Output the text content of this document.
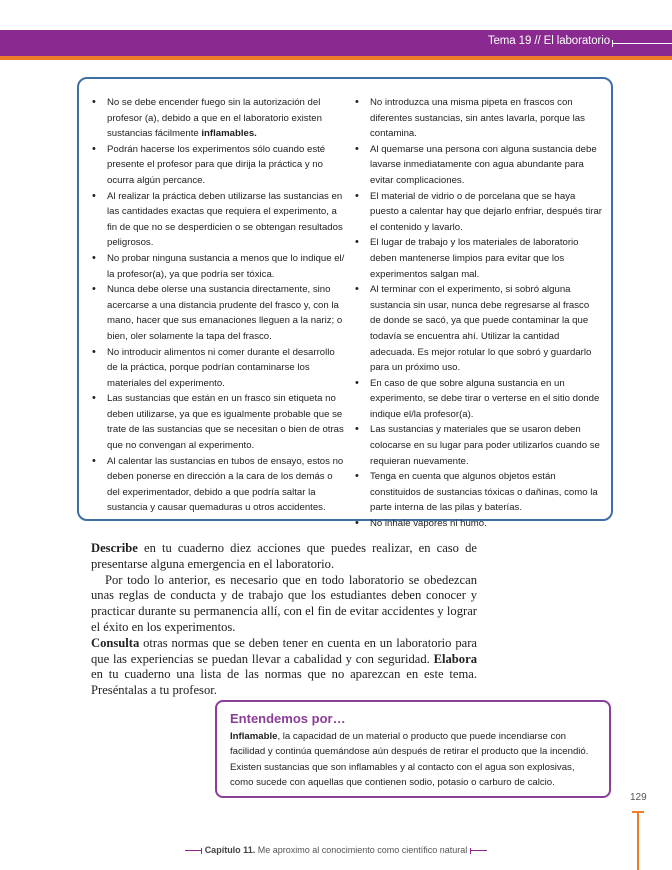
Tema 19 // El laboratorio
• No se debe encender fuego sin la autorización del profesor (a), debido a que en el laboratorio existen sustancias fácilmente inflamables.
• Podrán hacerse los experimentos sólo cuando esté presente el profesor para que dirija la práctica y no ocurra algún percance.
• Al realizar la práctica deben utilizarse las sustancias en las cantidades exactas que requiera el experimento, a fin de que no se desperdicien o se obtengan resultados peligrosos.
• No probar ninguna sustancia a menos que lo indique el/ la profesor(a), ya que podría ser tóxica.
• Nunca debe olerse una sustancia directamente, sino acercarse a una distancia prudente del frasco y, con la mano, hacer que sus emanaciones lleguen a la nariz; o bien, oler solamente la tapa del frasco.
• No introducir alimentos ni comer durante el desarrollo de la práctica, porque podrían contaminarse los materiales del experimento.
• Las sustancias que están en un frasco sin etiqueta no deben utilizarse, ya que es igualmente probable que se trate de las sustancias que se necesitan o bien de otras que no convengan al experimento.
• Al calentar las sustancias en tubos de ensayo, estos no deben ponerse en dirección a la cara de los demás o del experimentador, debido a que podría saltar la sustancia y causar quemaduras u otros accidentes.
• No introduzca una misma pipeta en frascos con diferentes sustancias, sin antes lavarla, porque las contamina.
• Al quemarse una persona con alguna sustancia debe lavarse inmediatamente con agua abundante para evitar complicaciones.
• El material de vidrio o de porcelana que se haya puesto a calentar hay que dejarlo enfriar, después tirar el contenido y lavarlo.
• El lugar de trabajo y los materiales de laboratorio deben mantenerse limpios para evitar que los experimentos salgan mal.
• Al terminar con el experimento, si sobró alguna sustancia sin usar, nunca debe regresarse al frasco de donde se sacó, ya que puede contaminar la que todavía se encuentra ahí. Utilizar la cantidad adecuada. Es mejor rotular lo que sobró y guardarlo para un próximo uso.
• En caso de que sobre alguna sustancia en un experimento, se debe tirar o verterse en el sitio donde indique el/la profesor(a).
• Las sustancias y materiales que se usaron deben colocarse en su lugar para poder utilizarlos cuando se requieran nuevamente.
• Tenga en cuenta que algunos objetos están constituidos de sustancias tóxicas o dañinas, como la parte interna de las pilas y baterías.
• No inhale vapores ni humo.

Describe en tu cuaderno diez acciones que puedes realizar, en caso de presentarse alguna emergencia en el laboratorio.

Por todo lo anterior, es necesario que en todo laboratorio se obedezcan unas reglas de conducta y de trabajo que los estudiantes deben conocer y practicar durante su permanencia allí, con el fin de evitar accidentes y lograr el éxito en los experimentos.

Consulta otras normas que se deben tener en cuenta en un laboratorio para que las experiencias se puedan llevar a cabalidad y con seguridad. Elabora en tu cuaderno una lista de las normas que no aparezcan en este tema. Preséntalas a tu profesor.

Entendemos por…
Inflamable, la capacidad de un material o producto que puede incendiarse con facilidad y continúa quemándose aún después de retirar el producto que la incendió. Existen sustancias que son inflamables y al contacto con el agua son explosivas, como sucede con aquellas que contienen sodio, potasio o carburo de calcio.
129
Capítulo 11. Me aproximo al conocimiento como científico natural
